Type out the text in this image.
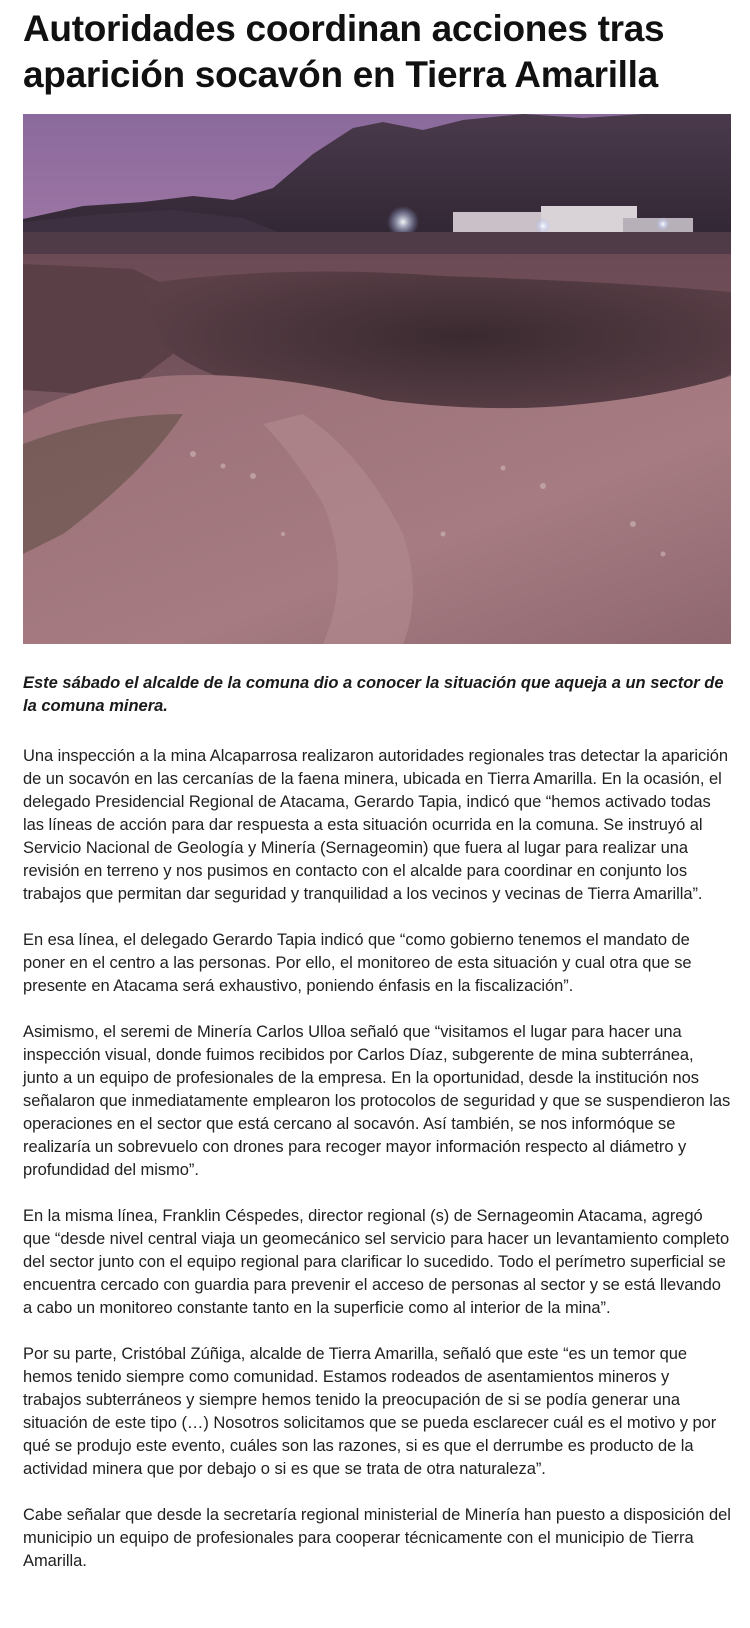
Autoridades coordinan acciones tras aparición socavón en Tierra Amarilla

Este sábado el alcalde de la comuna dio a conocer la situación que aqueja a un sector de la comuna minera.

Una inspección a la mina Alcaparrosa realizaron autoridades regionales tras detectar la aparición de un socavón en las cercanías de la faena minera, ubicada en Tierra Amarilla. En la ocasión, el delegado Presidencial Regional de Atacama, Gerardo Tapia, indicó que “hemos activado todas las líneas de acción para dar respuesta a esta situación ocurrida en la comuna. Se instruyó al Servicio Nacional de Geología y Minería (Sernageomin) que fuera al lugar para realizar una revisión en terreno y nos pusimos en contacto con el alcalde para coordinar en conjunto los trabajos que permitan dar seguridad y tranquilidad a los vecinos y vecinas de Tierra Amarilla”.

En esa línea, el delegado Gerardo Tapia indicó que “como gobierno tenemos el mandato de poner en el centro a las personas. Por ello, el monitoreo de esta situación y cual otra que se presente en Atacama será exhaustivo, poniendo énfasis en la fiscalización”.

Asimismo, el seremi de Minería Carlos Ulloa señaló que “visitamos el lugar para hacer una inspección visual, donde fuimos recibidos por Carlos Díaz, subgerente de mina subterránea, junto a un equipo de profesionales de la empresa. En la oportunidad, desde la institución nos señalaron que inmediatamente emplearon los protocolos de seguridad y que se suspendieron las operaciones en el sector que está cercano al socavón. Así también, se nos informóque se realizaría un sobrevuelo con drones para recoger mayor información respecto al diámetro y profundidad del mismo”.

En la misma línea, Franklin Céspedes, director regional (s) de Sernageomin Atacama, agregó que “desde nivel central viaja un geomecánico sel servicio para hacer un levantamiento completo del sector junto con el equipo regional para clarificar lo sucedido. Todo el perímetro superficial se encuentra cercado con guardia para prevenir el acceso de personas al sector y se está llevando a cabo un monitoreo constante tanto en la superficie como al interior de la mina”.

Por su parte, Cristóbal Zúñiga, alcalde de Tierra Amarilla, señaló que este “es un temor que hemos tenido siempre como comunidad. Estamos rodeados de asentamientos mineros y trabajos subterráneos y siempre hemos tenido la preocupación de si se podía generar una situación de este tipo (…) Nosotros solicitamos que se pueda esclarecer cuál es el motivo y por qué se produjo este evento, cuáles son las razones, si es que el derrumbe es producto de la actividad minera que por debajo o si es que se trata de otra naturaleza”.

Cabe señalar que desde la secretaría regional ministerial de Minería han puesto a disposición del municipio un equipo de profesionales para cooperar técnicamente con el municipio de Tierra Amarilla.
